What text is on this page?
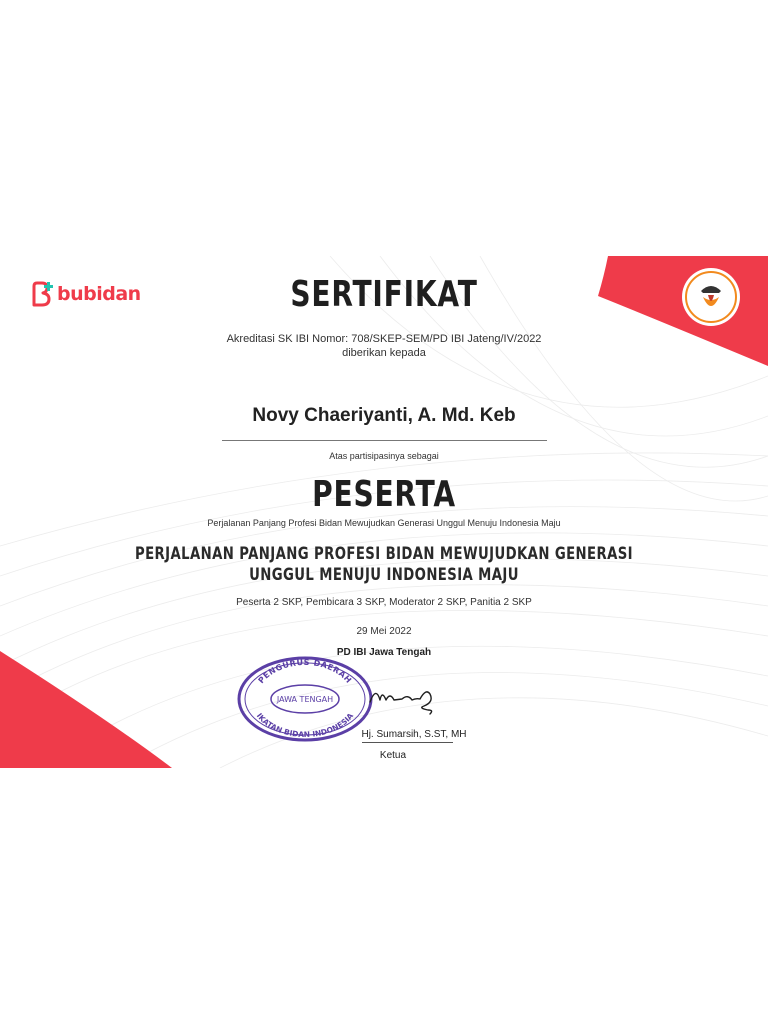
bubidan	SERTIFIKAT
Akreditasi SK IBI Nomor: 708/SKEP-SEM/PD IBI Jateng/IV/2022
diberikan kepada
Novy Chaeriyanti, A. Md. Keb
Atas partisipasinya sebagai
PESERTA
Perjalanan Panjang Profesi Bidan Mewujudkan Generasi Unggul Menuju Indonesia Maju
PERJALANAN PANJANG PROFESI BIDAN MEWUJUDKAN GENERASI
UNGGUL MENUJU INDONESIA MAJU
Peserta 2 SKP, Pembicara 3 SKP, Moderator 2 SKP, Panitia 2 SKP
29 Mei 2022
PD IBI Jawa Tengah
PENGURUS DAERAH
JAWA TENGAH
IKATAN BIDAN INDONESIA
Hj. Sumarsih, S.ST, MH
Ketua
